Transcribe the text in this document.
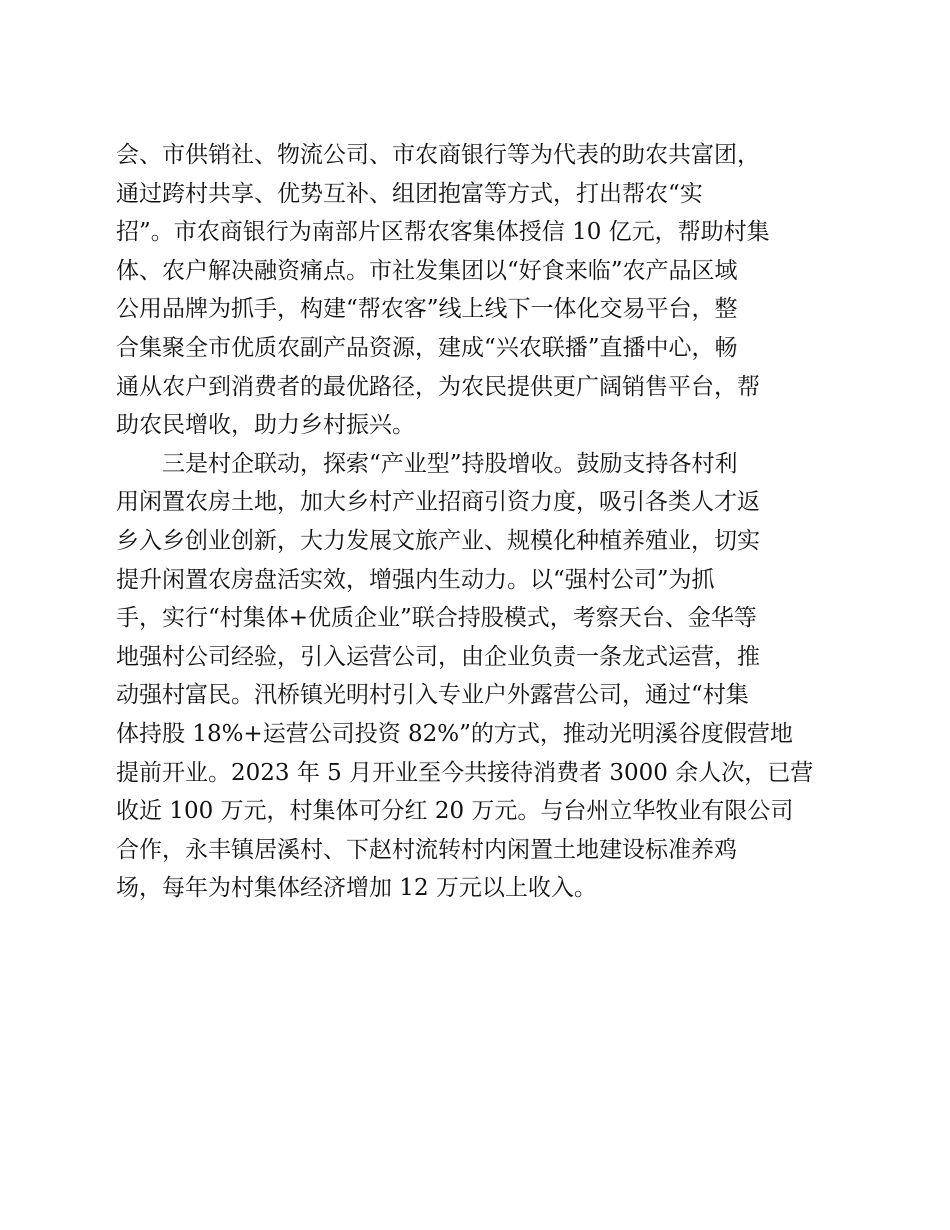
会、市供销社、物流公司、市农商银行等为代表的助农共富团，
通过跨村共享、优势互补、组团抱富等方式，打出帮农“实
招”。市农商银行为南部片区帮农客集体授信 10 亿元，帮助村集
体、农户解决融资痛点。市社发集团以“好食来临”农产品区域
公用品牌为抓手，构建“帮农客”线上线下一体化交易平台，整
合集聚全市优质农副产品资源，建成“兴农联播”直播中心，畅
通从农户到消费者的最优路径，为农民提供更广阔销售平台，帮
助农民增收，助力乡村振兴。
三是村企联动，探索“产业型”持股增收。鼓励支持各村利
用闲置农房土地，加大乡村产业招商引资力度，吸引各类人才返
乡入乡创业创新，大力发展文旅产业、规模化种植养殖业，切实
提升闲置农房盘活实效，增强内生动力。以“强村公司”为抓
手，实行“村集体+优质企业”联合持股模式，考察天台、金华等
地强村公司经验，引入运营公司，由企业负责一条龙式运营，推
动强村富民。汛桥镇光明村引入专业户外露营公司，通过“村集
体持股 18%+运营公司投资 82%”的方式，推动光明溪谷度假营地
提前开业。2023 年 5 月开业至今共接待消费者 3000 余人次，已营
收近 100 万元，村集体可分红 20 万元。与台州立华牧业有限公司
合作，永丰镇居溪村、下赵村流转村内闲置土地建设标准养鸡
场，每年为村集体经济增加 12 万元以上收入。
